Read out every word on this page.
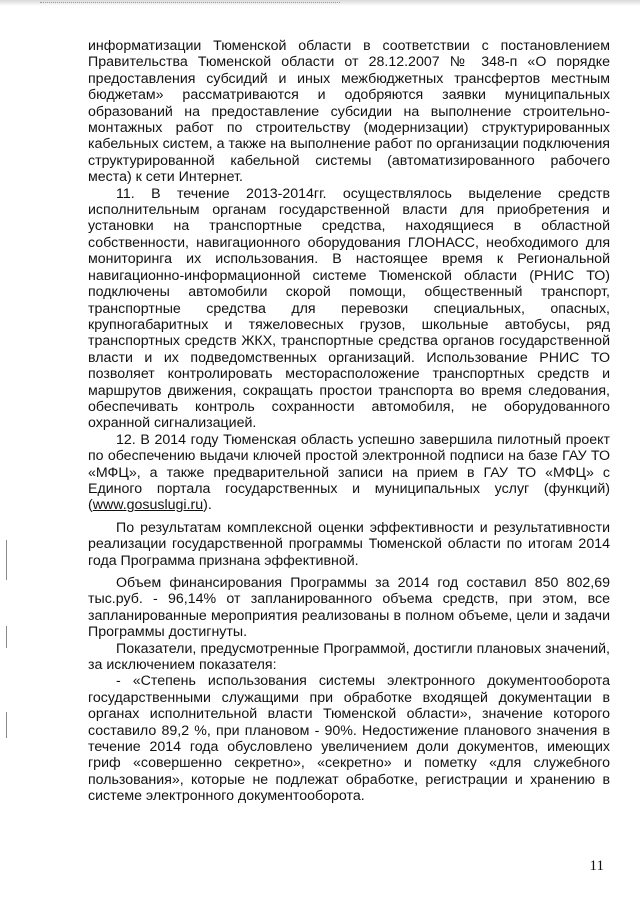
информатизации Тюменской области в соответствии с постановлением Правительства Тюменской области от 28.12.2007 № 348-п «О порядке предоставления субсидий и иных межбюджетных трансфертов местным бюджетам» рассматриваются и одобряются заявки муниципальных образований на предоставление субсидии на выполнение строительно-монтажных работ по строительству (модернизации) структурированных кабельных систем, а также на выполнение работ по организации подключения структурированной кабельной системы (автоматизированного рабочего места) к сети Интернет.

11. В течение 2013-2014гг. осуществлялось выделение средств исполнительным органам государственной власти для приобретения и установки на транспортные средства, находящиеся в областной собственности, навигационного оборудования ГЛОНАСС, необходимого для мониторинга их использования. В настоящее время к Региональной навигационно-информационной системе Тюменской области (РНИС ТО) подключены автомобили скорой помощи, общественный транспорт, транспортные средства для перевозки специальных, опасных, крупногабаритных и тяжеловесных грузов, школьные автобусы, ряд транспортных средств ЖКХ, транспортные средства органов государственной власти и их подведомственных организаций. Использование РНИС ТО позволяет контролировать месторасположение транспортных средств и маршрутов движения, сокращать простои транспорта во время следования, обеспечивать контроль сохранности автомобиля, не оборудованного охранной сигнализацией.

12. В 2014 году Тюменская область успешно завершила пилотный проект по обеспечению выдачи ключей простой электронной подписи на базе ГАУ ТО «МФЦ», а также предварительной записи на прием в ГАУ ТО «МФЦ» с Единого портала государственных и муниципальных услуг (функций) (www.gosuslugi.ru).

По результатам комплексной оценки эффективности и результативности реализации государственной программы Тюменской области по итогам 2014 года Программа признана эффективной.

Объем финансирования Программы за 2014 год составил 850 802,69 тыс.руб. - 96,14% от запланированного объема средств, при этом, все запланированные мероприятия реализованы в полном объеме, цели и задачи Программы достигнуты.

Показатели, предусмотренные Программой, достигли плановых значений, за исключением показателя:

- «Степень использования системы электронного документооборота государственными служащими при обработке входящей документации в органах исполнительной власти Тюменской области», значение которого составило 89,2 %, при плановом - 90%. Недостижение планового значения в течение 2014 года обусловлено увеличением доли документов, имеющих гриф «совершенно секретно», «секретно» и пометку «для служебного пользования», которые не подлежат обработке, регистрации и хранению в системе электронного документооборота.

11
